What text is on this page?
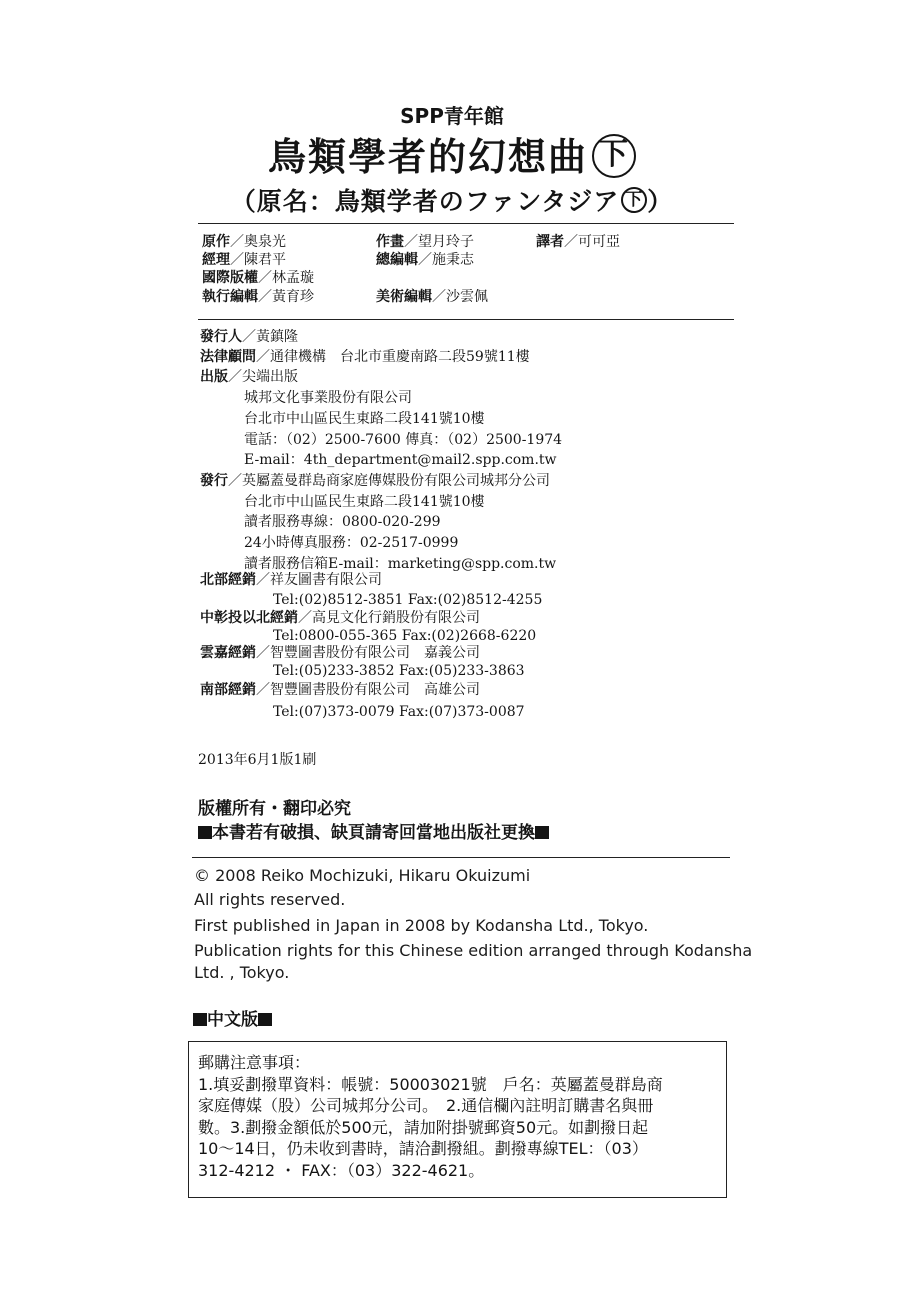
SPP青年館
鳥類學者的幻想曲 下
（原名：鳥類学者のファンタジア 下 ）
原作／奧泉光	作畫／望月玲子	譯者／可可亞
經理／陳君平	總編輯／施秉志
國際版權／林孟璇
執行編輯／黃育珍	美術編輯／沙雲佩
發行人／黃鎮隆
法律顧問／通律機構　台北市重慶南路二段59號11樓
出版／尖端出版
城邦文化事業股份有限公司
台北市中山區民生東路二段141號10樓
電話：（02）2500-7600 傳真：（02）2500-1974
E-mail：4th_department@mail2.spp.com.tw
發行／英屬蓋曼群島商家庭傳媒股份有限公司城邦分公司
台北市中山區民生東路二段141號10樓
讀者服務專線：0800-020-299
24小時傳真服務：02-2517-0999
讀者服務信箱E-mail：marketing@spp.com.tw
北部經銷／祥友圖書有限公司
Tel:(02)8512-3851 Fax:(02)8512-4255
中彰投以北經銷／高見文化行銷股份有限公司
Tel:0800-055-365 Fax:(02)2668-6220
雲嘉經銷／智豐圖書股份有限公司　嘉義公司
Tel:(05)233-3852 Fax:(05)233-3863
南部經銷／智豐圖書股份有限公司　高雄公司
Tel:(07)373-0079 Fax:(07)373-0087
2013年6月1版1刷
版權所有・翻印必究
本書若有破損、缺頁請寄回當地出版社更換
© 2008 Reiko Mochizuki, Hikaru Okuizumi
All rights reserved.
First published in Japan in 2008 by Kodansha Ltd., Tokyo.
Publication rights for this Chinese edition arranged through Kodansha
Ltd. , Tokyo.
中文版
郵購注意事項：
1.填妥劃撥單資料：帳號：50003021號　戶名：英屬蓋曼群島商
家庭傳媒（股）公司城邦分公司。　2.通信欄內註明訂購書名與冊
數。3.劃撥金額低於500元，請加附掛號郵資50元。如劃撥日起
10～14日，仍未收到書時，請洽劃撥組。劃撥專線TEL：（03）
312-4212 ・ FAX：（03）322-4621。
